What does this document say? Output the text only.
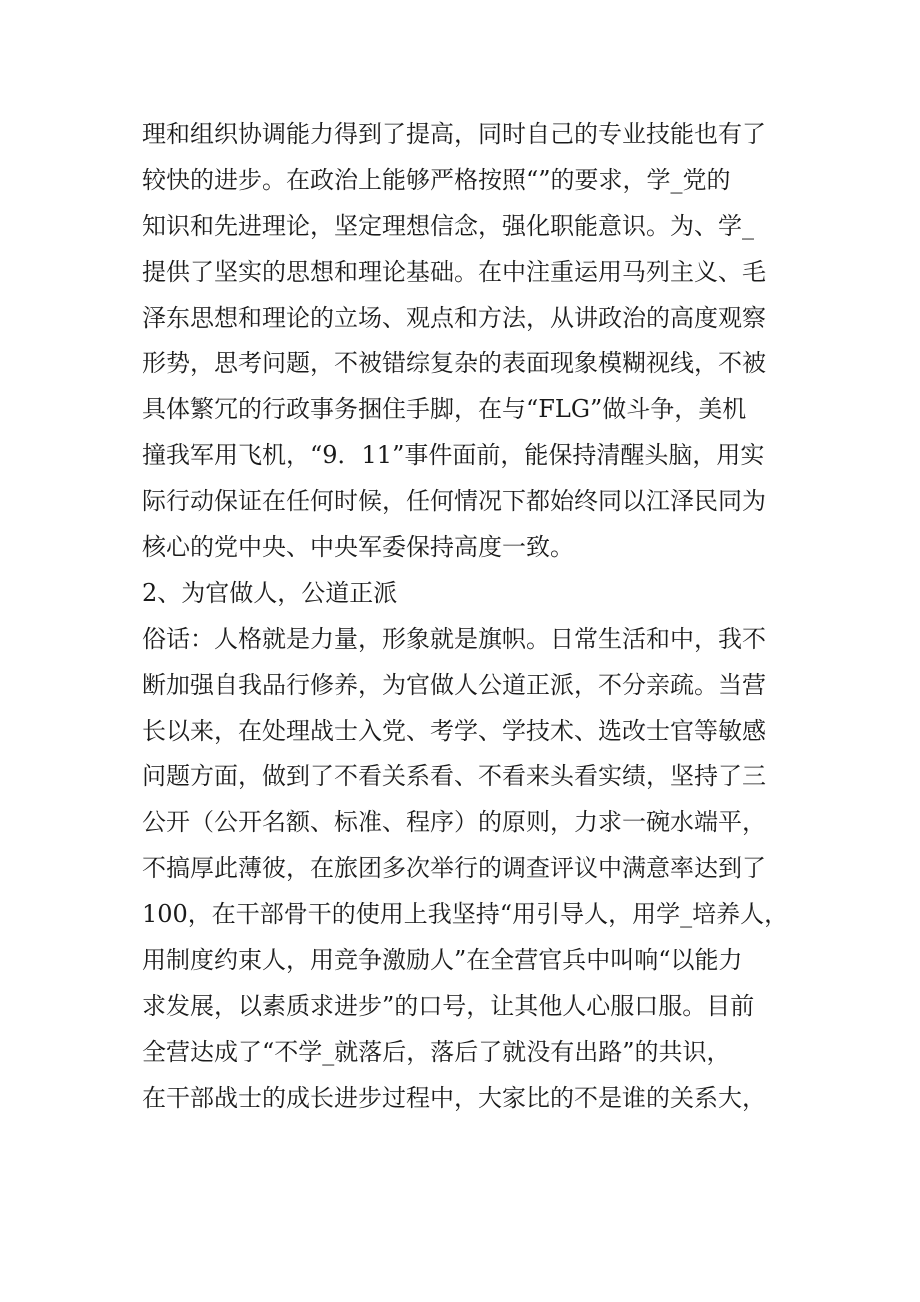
理和组织协调能力得到了提高，同时自己的专业技能也有了
较快的进步。在政治上能够严格按照“”的要求，学_党的
知识和先进理论，坚定理想信念，强化职能意识。为、学_
提供了坚实的思想和理论基础。在中注重运用马列主义、毛
泽东思想和理论的立场、观点和方法，从讲政治的高度观察
形势，思考问题，不被错综复杂的表面现象模糊视线，不被
具体繁冗的行政事务捆住手脚，在与“FLG”做斗争，美机
撞我军用飞机，“9．11”事件面前，能保持清醒头脑，用实
际行动保证在任何时候，任何情况下都始终同以江泽民同为
核心的党中央、中央军委保持高度一致。
2、为官做人，公道正派
俗话：人格就是力量，形象就是旗帜。日常生活和中，我不
断加强自我品行修养，为官做人公道正派，不分亲疏。当营
长以来，在处理战士入党、考学、学技术、选改士官等敏感
问题方面，做到了不看关系看、不看来头看实绩，坚持了三
公开（公开名额、标准、程序）的原则，力求一碗水端平，
不搞厚此薄彼，在旅团多次举行的调查评议中满意率达到了
100，在干部骨干的使用上我坚持“用引导人，用学_培养人，
用制度约束人，用竞争激励人”在全营官兵中叫响“以能力
求发展，以素质求进步”的口号，让其他人心服口服。目前
全营达成了“不学_就落后，落后了就没有出路”的共识，
在干部战士的成长进步过程中，大家比的不是谁的关系大，
